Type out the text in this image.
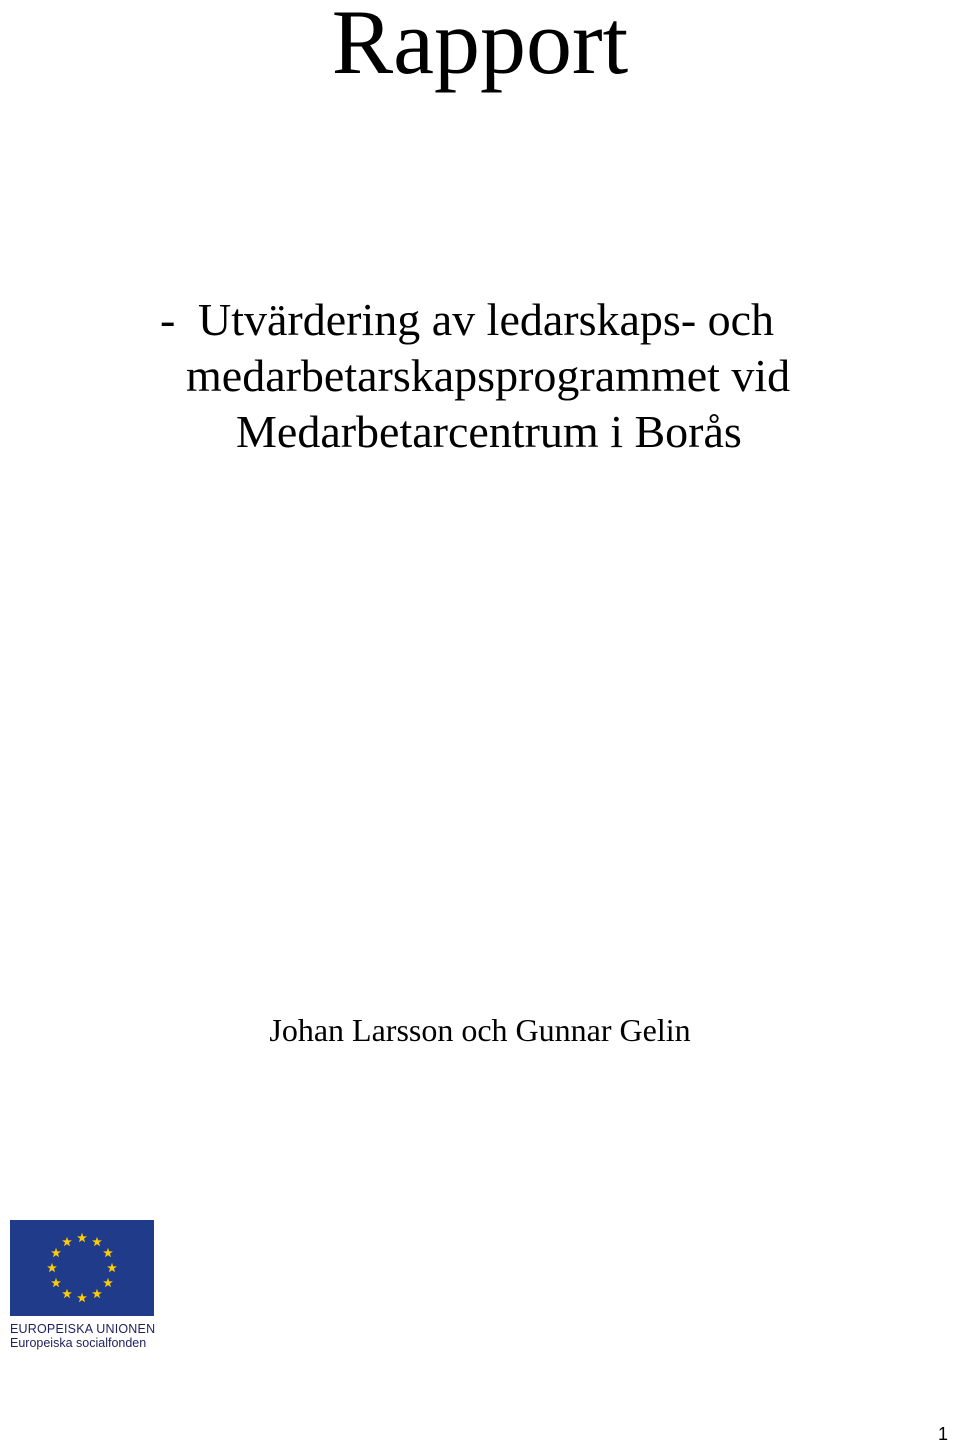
Rapport
- Utvärdering av ledarskaps- och
medarbetarskapsprogrammet vid
Medarbetarcentrum i Borås

Johan Larsson och Gunnar Gelin

EUROPEISKA UNIONEN
Europeiska socialfonden
1
